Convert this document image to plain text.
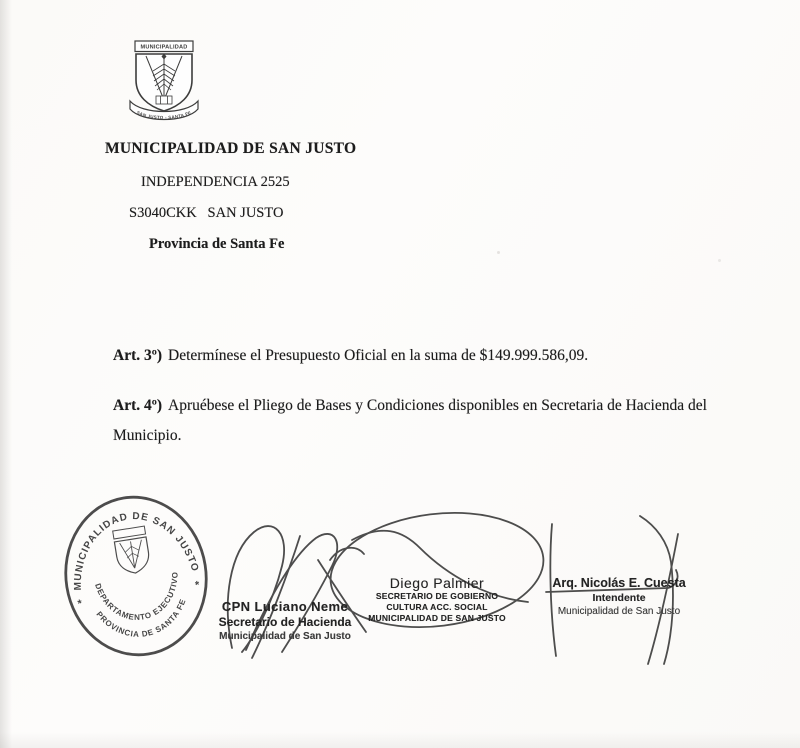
MUNICIPALIDAD
SAN JUSTO - SANTA FE
MUNICIPALIDAD DE SAN JUSTO
INDEPENDENCIA 2525
S3040CKK   SAN JUSTO
Provincia de Santa Fe
Art. 3º) Determínese el Presupuesto Oficial en la suma de $149.999.586,09.
Art. 4º) Apruébese el Pliego de Bases y Condiciones disponibles en Secretaria de Hacienda del Municipio.
MUNICIPALIDAD DE SAN JUSTO
DEPARTAMENTO EJECUTIVO
PROVINCIA DE SANTA FE
*
*
CPN Luciano Neme
Secretario de Hacienda
Municipalidad de San Justo
Diego Palmier
SECRETARIO DE GOBIERNO
CULTURA ACC. SOCIAL
MUNICIPALIDAD DE SAN JUSTO
Arq. Nicolás E. Cuesta
Intendente
Municipalidad de San Justo
